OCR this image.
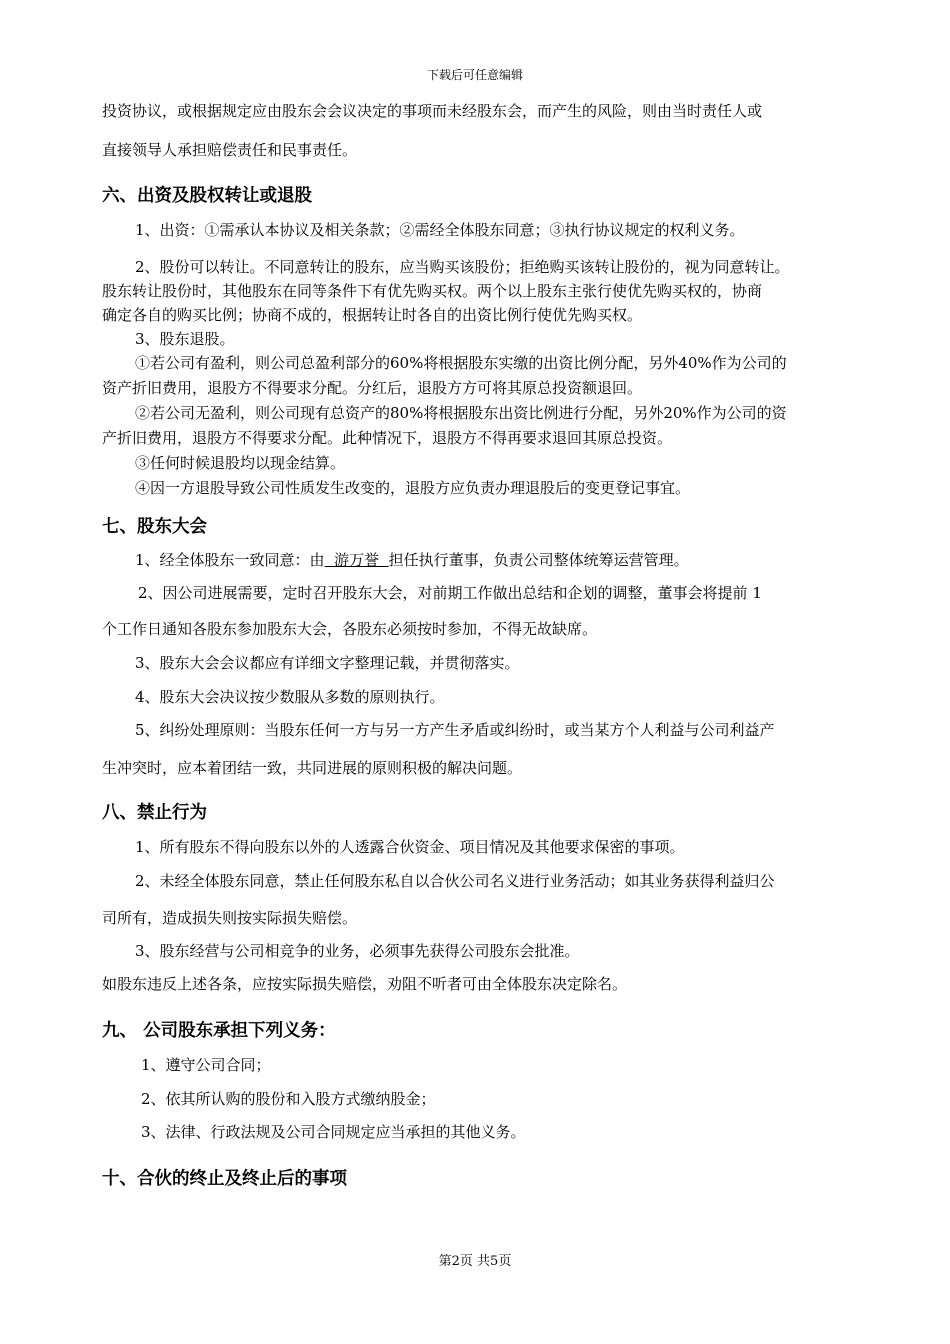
下载后可任意编辑
投资协议，或根据规定应由股东会会议决定的事项而未经股东会，而产生的风险，则由当时责任人或
直接领导人承担赔偿责任和民事责任。
六、出资及股权转让或退股
1、出资：①需承认本协议及相关条款；②需经全体股东同意；③执行协议规定的权利义务。
2、股份可以转让。不同意转让的股东，应当购买该股份；拒绝购买该转让股份的，视为同意转让。
股东转让股份时，其他股东在同等条件下有优先购买权。两个以上股东主张行使优先购买权的，协商
确定各自的购买比例；协商不成的，根据转让时各自的出资比例行使优先购买权。
3、股东退股。
①若公司有盈利，则公司总盈利部分的60%将根据股东实缴的出资比例分配，另外40%作为公司的
资产折旧费用，退股方不得要求分配。分红后，退股方方可将其原总投资额退回。
②若公司无盈利，则公司现有总资产的80%将根据股东出资比例进行分配，另外20%作为公司的资
产折旧费用，退股方不得要求分配。此种情况下，退股方不得再要求退回其原总投资。
③任何时候退股均以现金结算。
④因一方退股导致公司性质发生改变的，退股方应负责办理退股后的变更登记事宜。
七、股东大会
1、经全体股东一致同意：由  游万誉  担任执行董事，负责公司整体统筹运营管理。
2、因公司进展需要，定时召开股东大会，对前期工作做出总结和企划的调整，董事会将提前 1
个工作日通知各股东参加股东大会，各股东必须按时参加，不得无故缺席。
3、股东大会会议都应有详细文字整理记载，并贯彻落实。
4、股东大会决议按少数服从多数的原则执行。
5、纠纷处理原则：当股东任何一方与另一方产生矛盾或纠纷时，或当某方个人利益与公司利益产
生冲突时，应本着团结一致，共同进展的原则积极的解决问题。
八、禁止行为
1、所有股东不得向股东以外的人透露合伙资金、项目情况及其他要求保密的事项。
2、未经全体股东同意，禁止任何股东私自以合伙公司名义进行业务活动；如其业务获得利益归公
司所有，造成损失则按实际损失赔偿。
3、股东经营与公司相竞争的业务，必须事先获得公司股东会批准。
如股东违反上述各条，应按实际损失赔偿，劝阻不听者可由全体股东决定除名。
九、 公司股东承担下列义务：
1、遵守公司合同；
2、依其所认购的股份和入股方式缴纳股金；
3、法律、行政法规及公司合同规定应当承担的其他义务。
十、合伙的终止及终止后的事项
第2页 共5页
